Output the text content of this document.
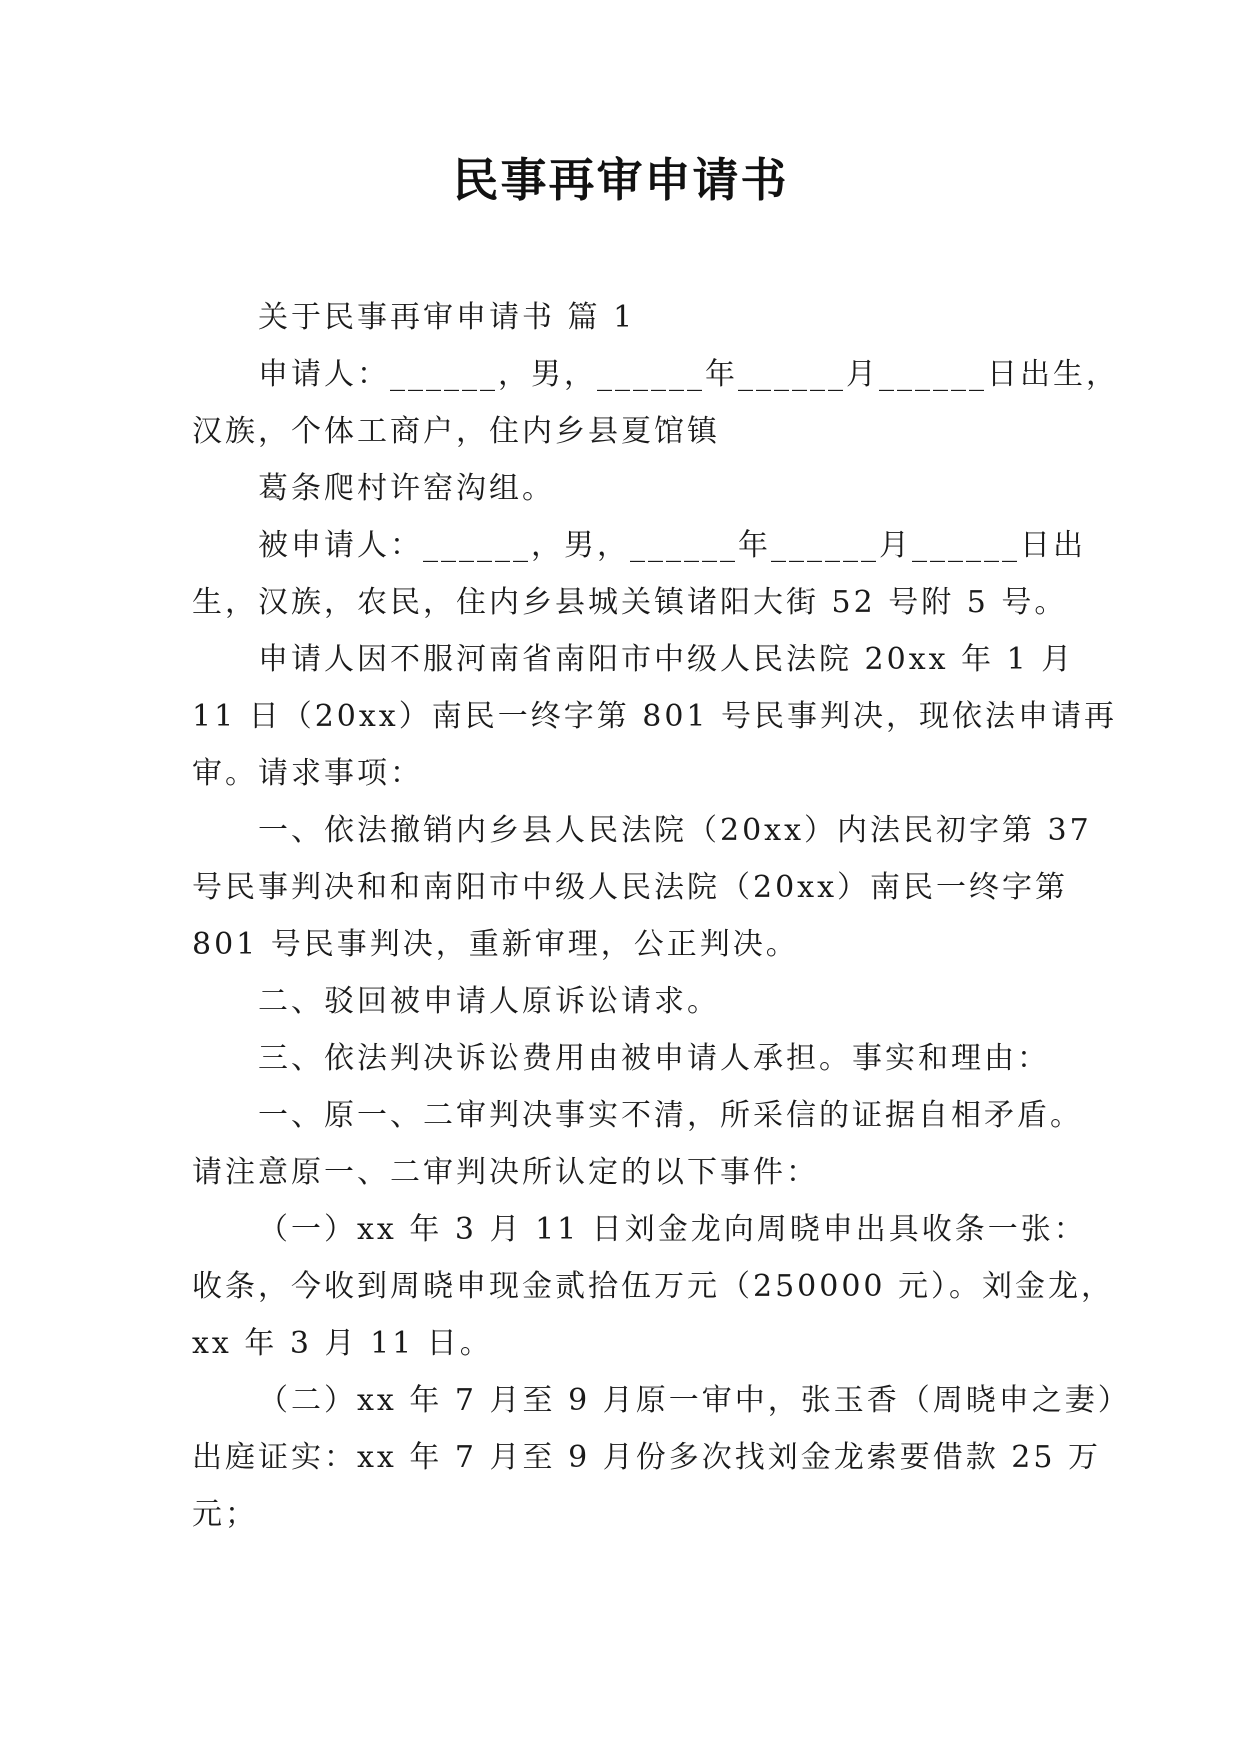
民事再审申请书
关于民事再审申请书 篇 1
申请人：______，男，______年______月______日出生，
汉族，个体工商户，住内乡县夏馆镇
葛条爬村许窑沟组。
被申请人：______，男，______年______月______日出
生，汉族，农民，住内乡县城关镇诸阳大街 52 号附 5 号。
申请人因不服河南省南阳市中级人民法院 20xx 年 1 月
11 日（20xx）南民一终字第 801 号民事判决，现依法申请再
审。请求事项：
一、依法撤销内乡县人民法院（20xx）内法民初字第 37
号民事判决和和南阳市中级人民法院（20xx）南民一终字第
801 号民事判决，重新审理，公正判决。
二、驳回被申请人原诉讼请求。
三、依法判决诉讼费用由被申请人承担。事实和理由：
一、原一、二审判决事实不清，所采信的证据自相矛盾。
请注意原一、二审判决所认定的以下事件：
（一）xx 年 3 月 11 日刘金龙向周晓申出具收条一张：
收条，今收到周晓申现金贰拾伍万元（250000 元）。刘金龙，
xx 年 3 月 11 日。
（二）xx 年 7 月至 9 月原一审中，张玉香（周晓申之妻）
出庭证实：xx 年 7 月至 9 月份多次找刘金龙索要借款 25 万
元；
